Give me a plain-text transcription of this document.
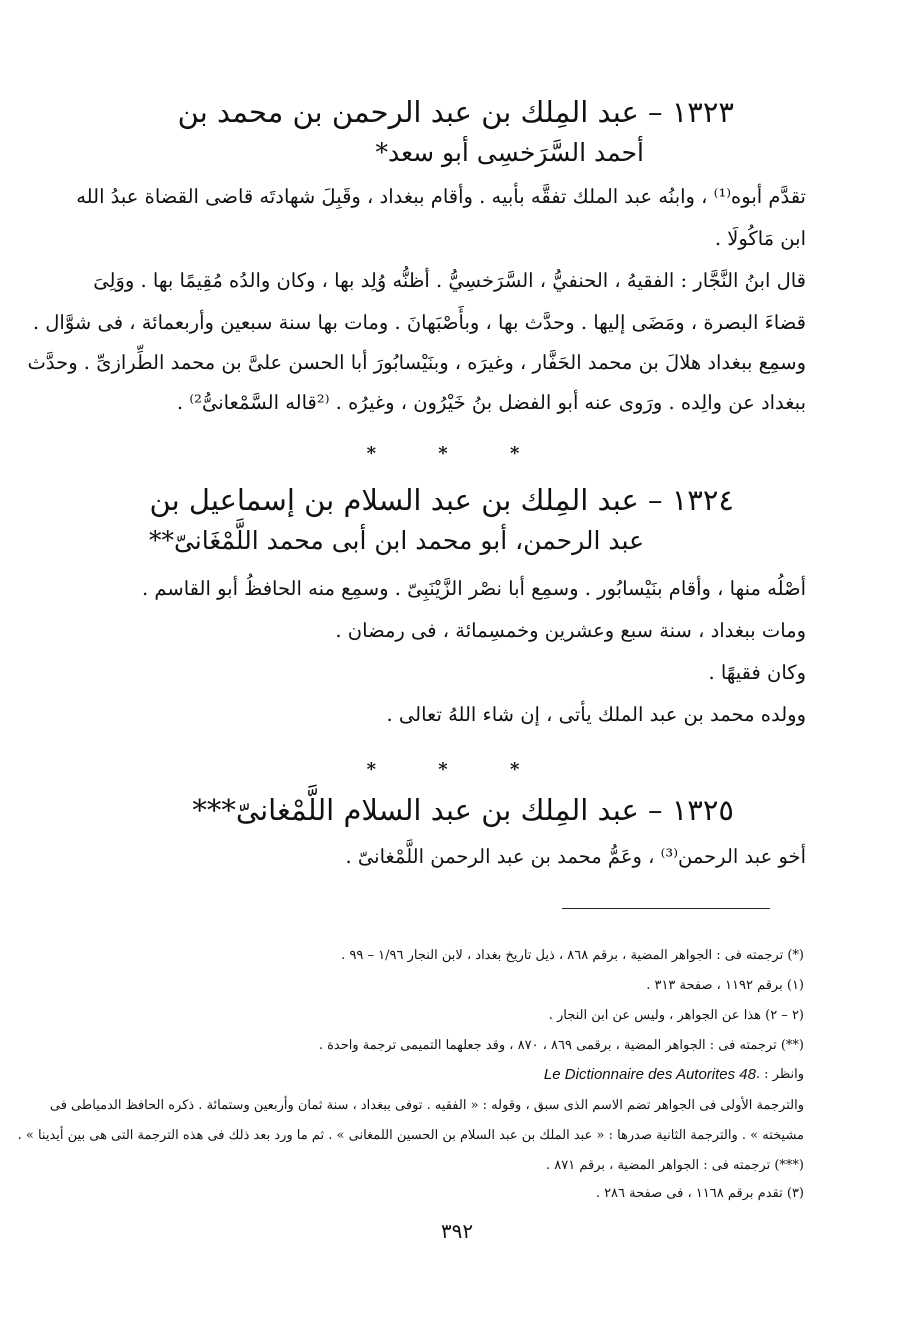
١٣٢٣ – عبد المِلك بن عبد الرحمن بن محمد بن
أحمد السَّرَخسِى أبو سعد*
تقدَّم أبوه⁽¹⁾ ، وابنُه عبد الملك تفقَّه بأبيه . وأقام ببغداد ، وقَبِلَ شهادتَه قاضى القضاة عبدُ الله
ابن مَاكُولَا .
قال ابنُ النَّجَّار : الفقيهُ ، الحنفيُّ ، السَّرَخسِيُّ . أظنُّه وُلِد بها ، وكان والدُه مُقِيمًا بها . ووَلِىَ
قضاءَ البصرة ، ومَضَى إليها . وحدَّث بها ، وبأَصْبَهانَ . ومات بها سنة سبعين وأربعمائة ، فى شوَّال .
وسمِع ببغداد هلالَ بن محمد الحَفَّار ، وغيرَه ، وبنَيْسابُورَ أبا الحسن علىَّ بن محمد الطِّرازىِّ . وحدَّث
ببغداد عن والِده . ورَوى عنه أبو الفضل بنُ خَيْرُون ، وغيرُه . ⁽²قاله السَّمْعانىُّ²⁾ .
* * *
١٣٢٤ – عبد المِلك بن عبد السلام بن إسماعيل بن
عبد الرحمن، أبو محمد ابن أبى محمد اللَّمْغَانىّ**
أصْلُه منها ، وأقام بنَيْسابُور . وسمِع أبا نصْر الزَّيْنَبِىّ . وسمِع منه الحافظُ أبو القاسم .
ومات ببغداد ، سنة سبع وعشرين وخمسِمائة ، فى رمضان .
وكان فقيهًا .
وولده محمد بن عبد الملك يأتى ، إن شاء اللهُ تعالى .
* * *
١٣٢٥ – عبد المِلك بن عبد السلام اللَّمْغانىّ***
أخو عبد الرحمن⁽³⁾ ، وعَمُّ محمد بن عبد الرحمن اللَّمْغانىّ .
(*) ترجمته فى : الجواهر المضية ، برقم ٨٦٨ ، ذيل تاريخ بغداد ، لابن النجار ١/٩٦ – ٩٩ .
(١) برقم ١١٩٢ ، صفحة ٣١٣ .
(٢ – ٢) هذا عن الجواهر ، وليس عن ابن النجار .
(**) ترجمته فى : الجواهر المضية ، برقمى ٨٦٩ ، ٨٧٠ ، وقد جعلهما التميمى ترجمة واحدة .
وانظر : .
Le Dictionnaire des Autorites 48
والترجمة الأولى فى الجواهر تضم الاسم الذى سبق ، وقوله : « الفقيه . توفى ببغداد ، سنة ثمان وأربعين وستمائة . ذكره الحافظ الدمياطى فى
مشيخته » . والترجمة الثانية صدرها : « عبد الملك بن عبد السلام بن الحسين اللمغانى » . ثم ما ورد بعد ذلك فى هذه الترجمة التى هى بين أيدينا » .
(***) ترجمته فى : الجواهر المضية ، برقم ٨٧١ .
(٣) تقدم برقم ١١٦٨ ، فى صفحة ٢٨٦ .
٣٩٢
